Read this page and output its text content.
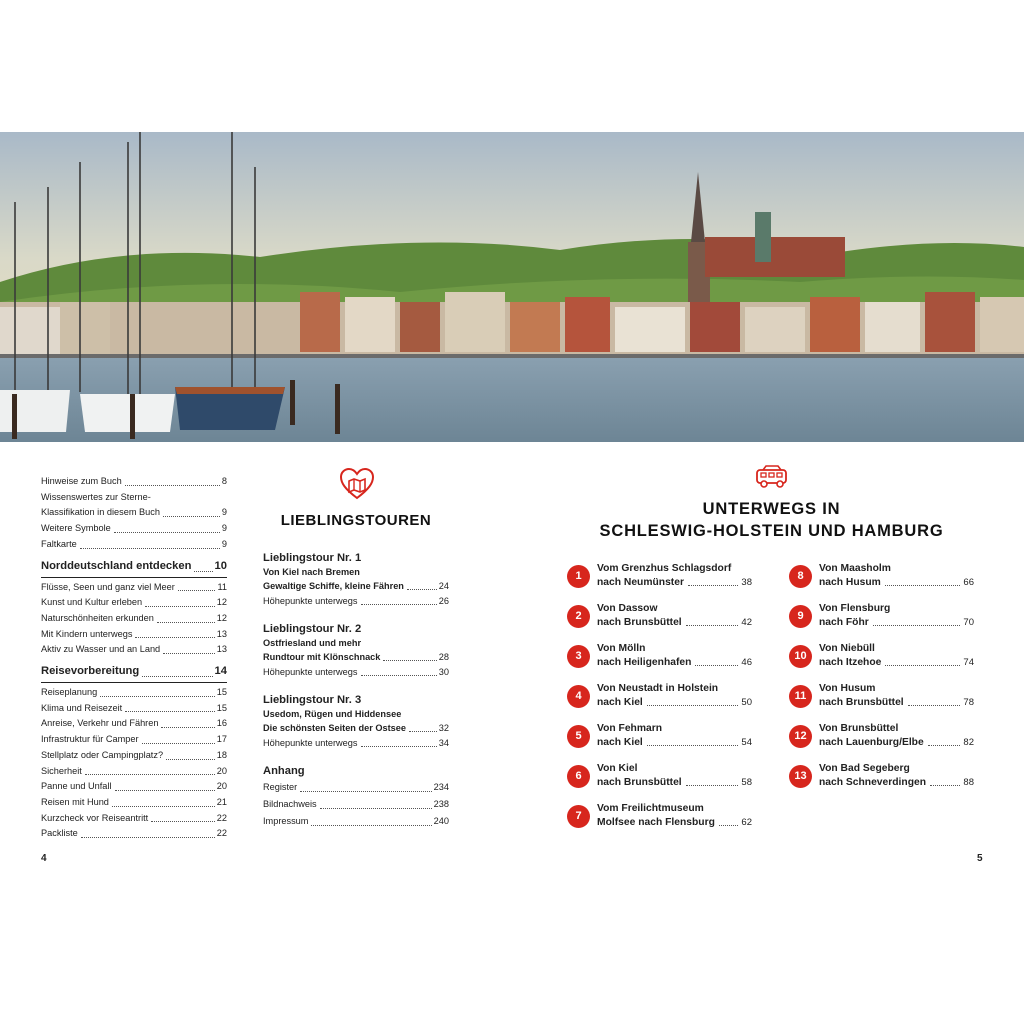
Hinweise zum Buch	8
Wissenswertes zur Sterne-
Klassifikation in diesem Buch	9
Weitere Symbole	9
Faltkarte	9
Norddeutschland entdecken 10
Flüsse, Seen und ganz viel Meer	11
Kunst und Kultur erleben	12
Naturschönheiten erkunden	12
Mit Kindern unterwegs	13
Aktiv zu Wasser und an Land	13
Reisevorbereitung	14
Reiseplanung	15
Klima und Reisezeit	15
Anreise, Verkehr und Fähren	16
Infrastruktur für Camper	17
Stellplatz oder Campingplatz?	18
Sicherheit	20
Panne und Unfall	20
Reisen mit Hund	21
Kurzcheck vor Reiseantritt	22
Packliste	22
LIEBLINGSTOUREN
Lieblingstour Nr. 1
Von Kiel nach Bremen
Gewaltige Schiffe, kleine Fähren	24
Höhepunkte unterwegs	26
Lieblingstour Nr. 2
Ostfriesland und mehr
Rundtour mit Klönschnack	28
Höhepunkte unterwegs	30
Lieblingstour Nr. 3
Usedom, Rügen und Hiddensee
Die schönsten Seiten der Ostsee	32
Höhepunkte unterwegs	34
Anhang
Register	234
Bildnachweis	238
Impressum	240
UNTERWEGS IN
SCHLESWIG-HOLSTEIN UND HAMBURG
1
Vom Grenzhus Schlagsdorf
nach Neumünster	38
2
Von Dassow
nach Brunsbüttel	42
3
Von Mölln
nach Heiligenhafen	46
4
Von Neustadt in Holstein
nach Kiel	50
5
Von Fehmarn
nach Kiel	54
6
Von Kiel
nach Brunsbüttel	58
7
Vom Freilichtmuseum
Molfsee nach Flensburg	62
8
Von Maasholm
nach Husum	66
9
Von Flensburg
nach Föhr	70
10
Von Niebüll
nach Itzehoe	74
11
Von Husum
nach Brunsbüttel	78
12
Von Brunsbüttel
nach Lauenburg/Elbe	82
13
Von Bad Segeberg
nach Schneverdingen	88
4	5
